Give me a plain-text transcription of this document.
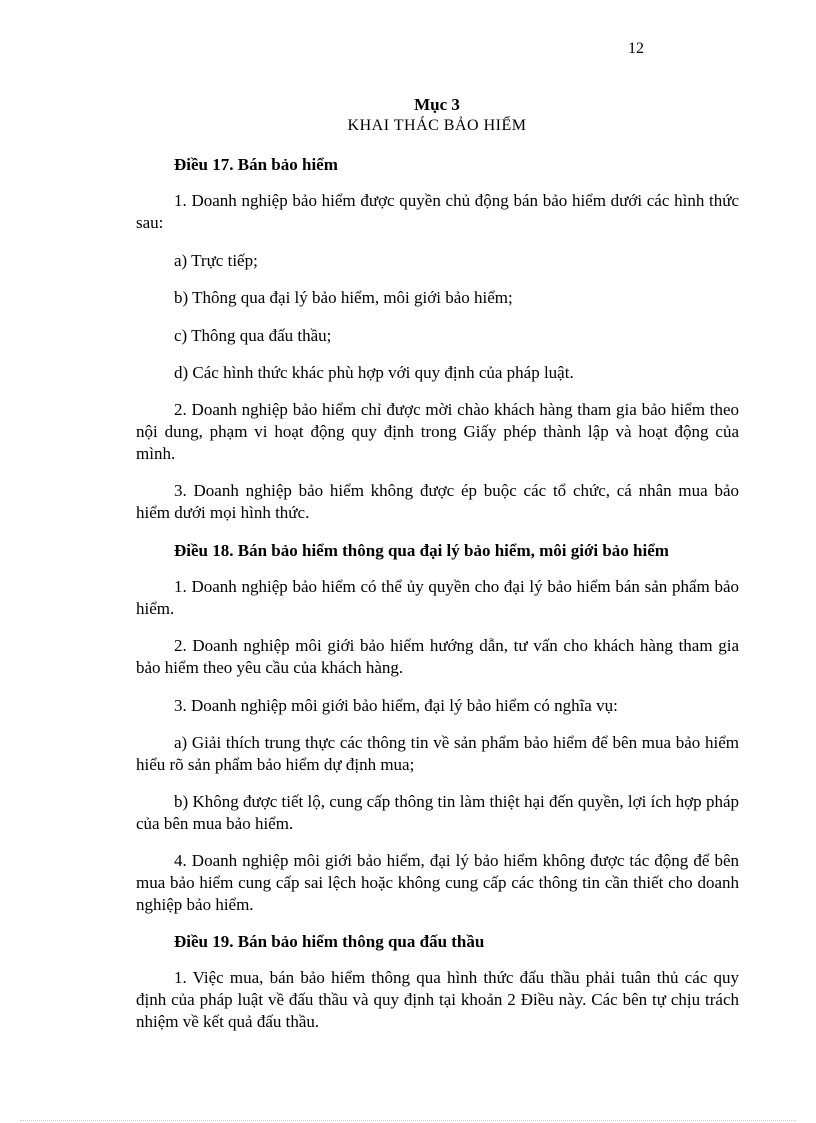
12
Mục 3
KHAI THÁC BẢO HIỂM
Điều 17. Bán bảo hiểm
1. Doanh nghiệp bảo hiểm được quyền chủ động bán bảo hiểm dưới các hình thức sau:
a) Trực tiếp;
b) Thông qua đại lý bảo hiểm, môi giới bảo hiểm;
c) Thông qua đấu thầu;
d) Các hình thức khác phù hợp với quy định của pháp luật.
2. Doanh nghiệp bảo hiểm chỉ được mời chào khách hàng tham gia bảo hiểm theo nội dung, phạm vi hoạt động quy định trong Giấy phép thành lập và hoạt động của mình.
3. Doanh nghiệp bảo hiểm không được ép buộc các tổ chức, cá nhân mua bảo hiểm dưới mọi hình thức.
Điều 18. Bán bảo hiểm thông qua đại lý bảo hiểm, môi giới bảo hiểm
1. Doanh nghiệp bảo hiểm có thể ủy quyền cho đại lý bảo hiểm bán sản phẩm bảo hiểm.
2. Doanh nghiệp môi giới bảo hiểm hướng dẫn, tư vấn cho khách hàng tham gia bảo hiểm theo yêu cầu của khách hàng.
3. Doanh nghiệp môi giới bảo hiểm, đại lý bảo hiểm có nghĩa vụ:
a) Giải thích trung thực các thông tin về sản phẩm bảo hiểm để bên mua bảo hiểm hiểu rõ sản phẩm bảo hiểm dự định mua;
b) Không được tiết lộ, cung cấp thông tin làm thiệt hại đến quyền, lợi ích hợp pháp của bên mua bảo hiểm.
4. Doanh nghiệp môi giới bảo hiểm, đại lý bảo hiểm không được tác động để bên mua bảo hiểm cung cấp sai lệch hoặc không cung cấp các thông tin cần thiết cho doanh nghiệp bảo hiểm.
Điều 19. Bán bảo hiểm thông qua đấu thầu
1. Việc mua, bán bảo hiểm thông qua hình thức đấu thầu phải tuân thủ các quy định của pháp luật về đấu thầu và quy định tại khoản 2 Điều này. Các bên tự chịu trách nhiệm về kết quả đấu thầu.
